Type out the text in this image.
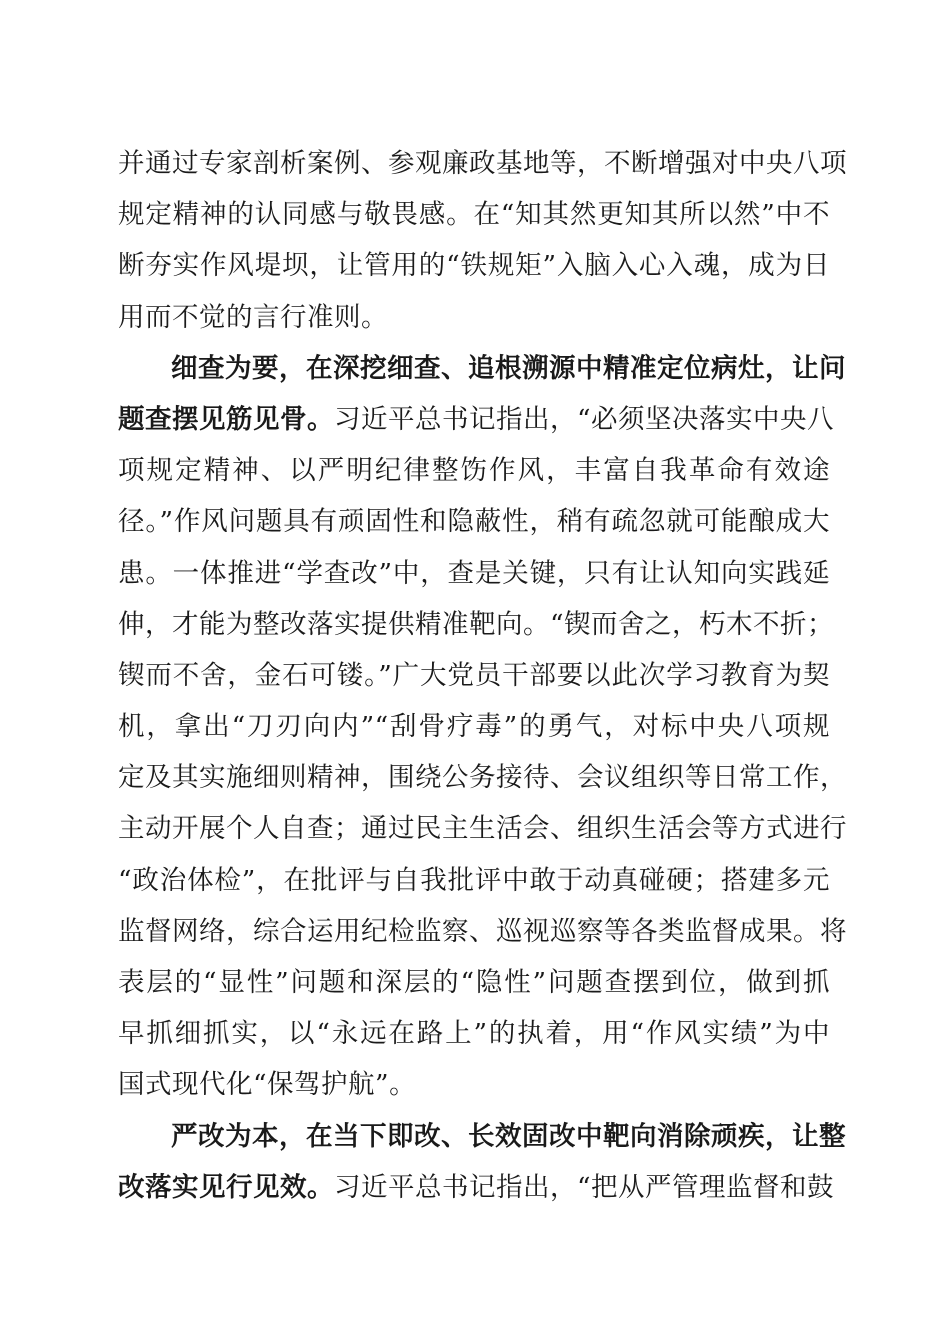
并通过专家剖析案例、参观廉政基地等，不断增强对中央八项
规定精神的认同感与敬畏感。在“知其然更知其所以然”中不
断夯实作风堤坝，让管用的“铁规矩”入脑入心入魂，成为日
用而不觉的言行准则。
细查为要，在深挖细查、追根溯源中精准定位病灶，让问
题查摆见筋见骨。习近平总书记指出，“必须坚决落实中央八
项规定精神、以严明纪律整饬作风，丰富自我革命有效途
径。”作风问题具有顽固性和隐蔽性，稍有疏忽就可能酿成大
患。一体推进“学查改”中，查是关键，只有让认知向实践延
伸，才能为整改落实提供精准靶向。“锲而舍之，朽木不折；
锲而不舍，金石可镂。”广大党员干部要以此次学习教育为契
机，拿出“刀刃向内”“刮骨疗毒”的勇气，对标中央八项规
定及其实施细则精神，围绕公务接待、会议组织等日常工作，
主动开展个人自查；通过民主生活会、组织生活会等方式进行
“政治体检”，在批评与自我批评中敢于动真碰硬；搭建多元
监督网络，综合运用纪检监察、巡视巡察等各类监督成果。将
表层的“显性”问题和深层的“隐性”问题查摆到位，做到抓
早抓细抓实，以“永远在路上”的执着，用“作风实绩”为中
国式现代化“保驾护航”。
严改为本，在当下即改、长效固改中靶向消除顽疾，让整
改落实见行见效。习近平总书记指出，“把从严管理监督和鼓
